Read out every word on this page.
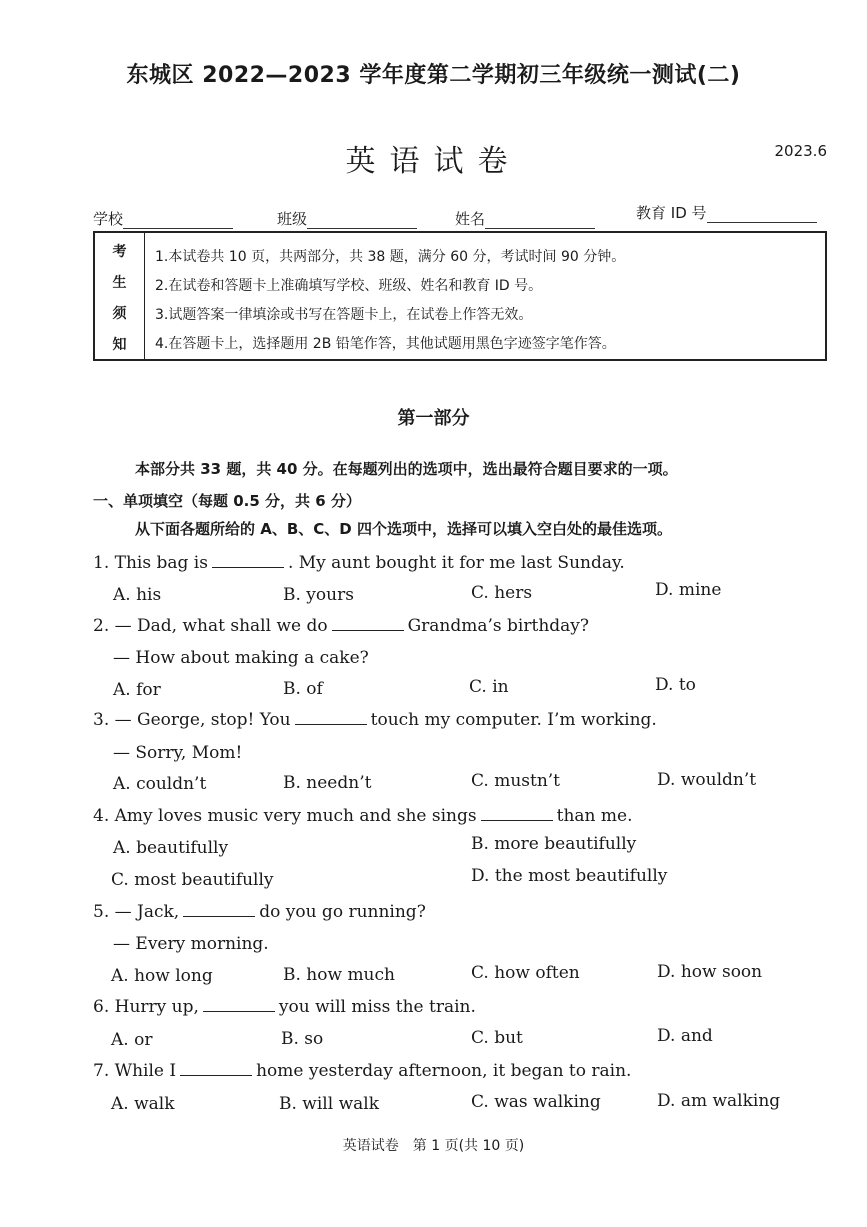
东城区 2022—2023 学年度第二学期初三年级统一测试(二)
英语试卷	2023.6
学校	班级	姓名	教育 ID 号
考
生
须
知
1.本试卷共 10 页，共两部分，共 38 题，满分 60 分，考试时间 90 分钟。
2.在试卷和答题卡上准确填写学校、班级、姓名和教育 ID 号。
3.试题答案一律填涂或书写在答题卡上，在试卷上作答无效。
4.在答题卡上，选择题用 2B 铅笔作答，其他试题用黑色字迹签字笔作答。
第一部分
本部分共 33 题，共 40 分。在每题列出的选项中，选出最符合题目要求的一项。
一、单项填空（每题 0.5 分，共 6 分）
从下面各题所给的 A、B、C、D 四个选项中，选择可以填入空白处的最佳选项。
1. This bag is	. My aunt bought it for me last Sunday.
A. his	B. yours	C. hers	D. mine
2. — Dad, what shall we do	Grandma’s birthday?
— How about making a cake?
A. for	B. of	C. in	D. to
3. — George, stop! You	touch my computer. I’m working.
— Sorry, Mom!
A. couldn’t	B. needn’t	C. mustn’t	D. wouldn’t
4. Amy loves music very much and she sings	than me.
A. beautifully	B. more beautifully
C. most beautifully	D. the most beautifully
5. — Jack,	do you go running?
— Every morning.
A. how long	B. how much	C. how often	D. how soon
6. Hurry up,	you will miss the train.
A. or	B. so	C. but	D. and
7. While I	home yesterday afternoon, it began to rain.
A. walk	B. will walk	C. was walking	D. am walking
英语试卷　第 1 页(共 10 页)
